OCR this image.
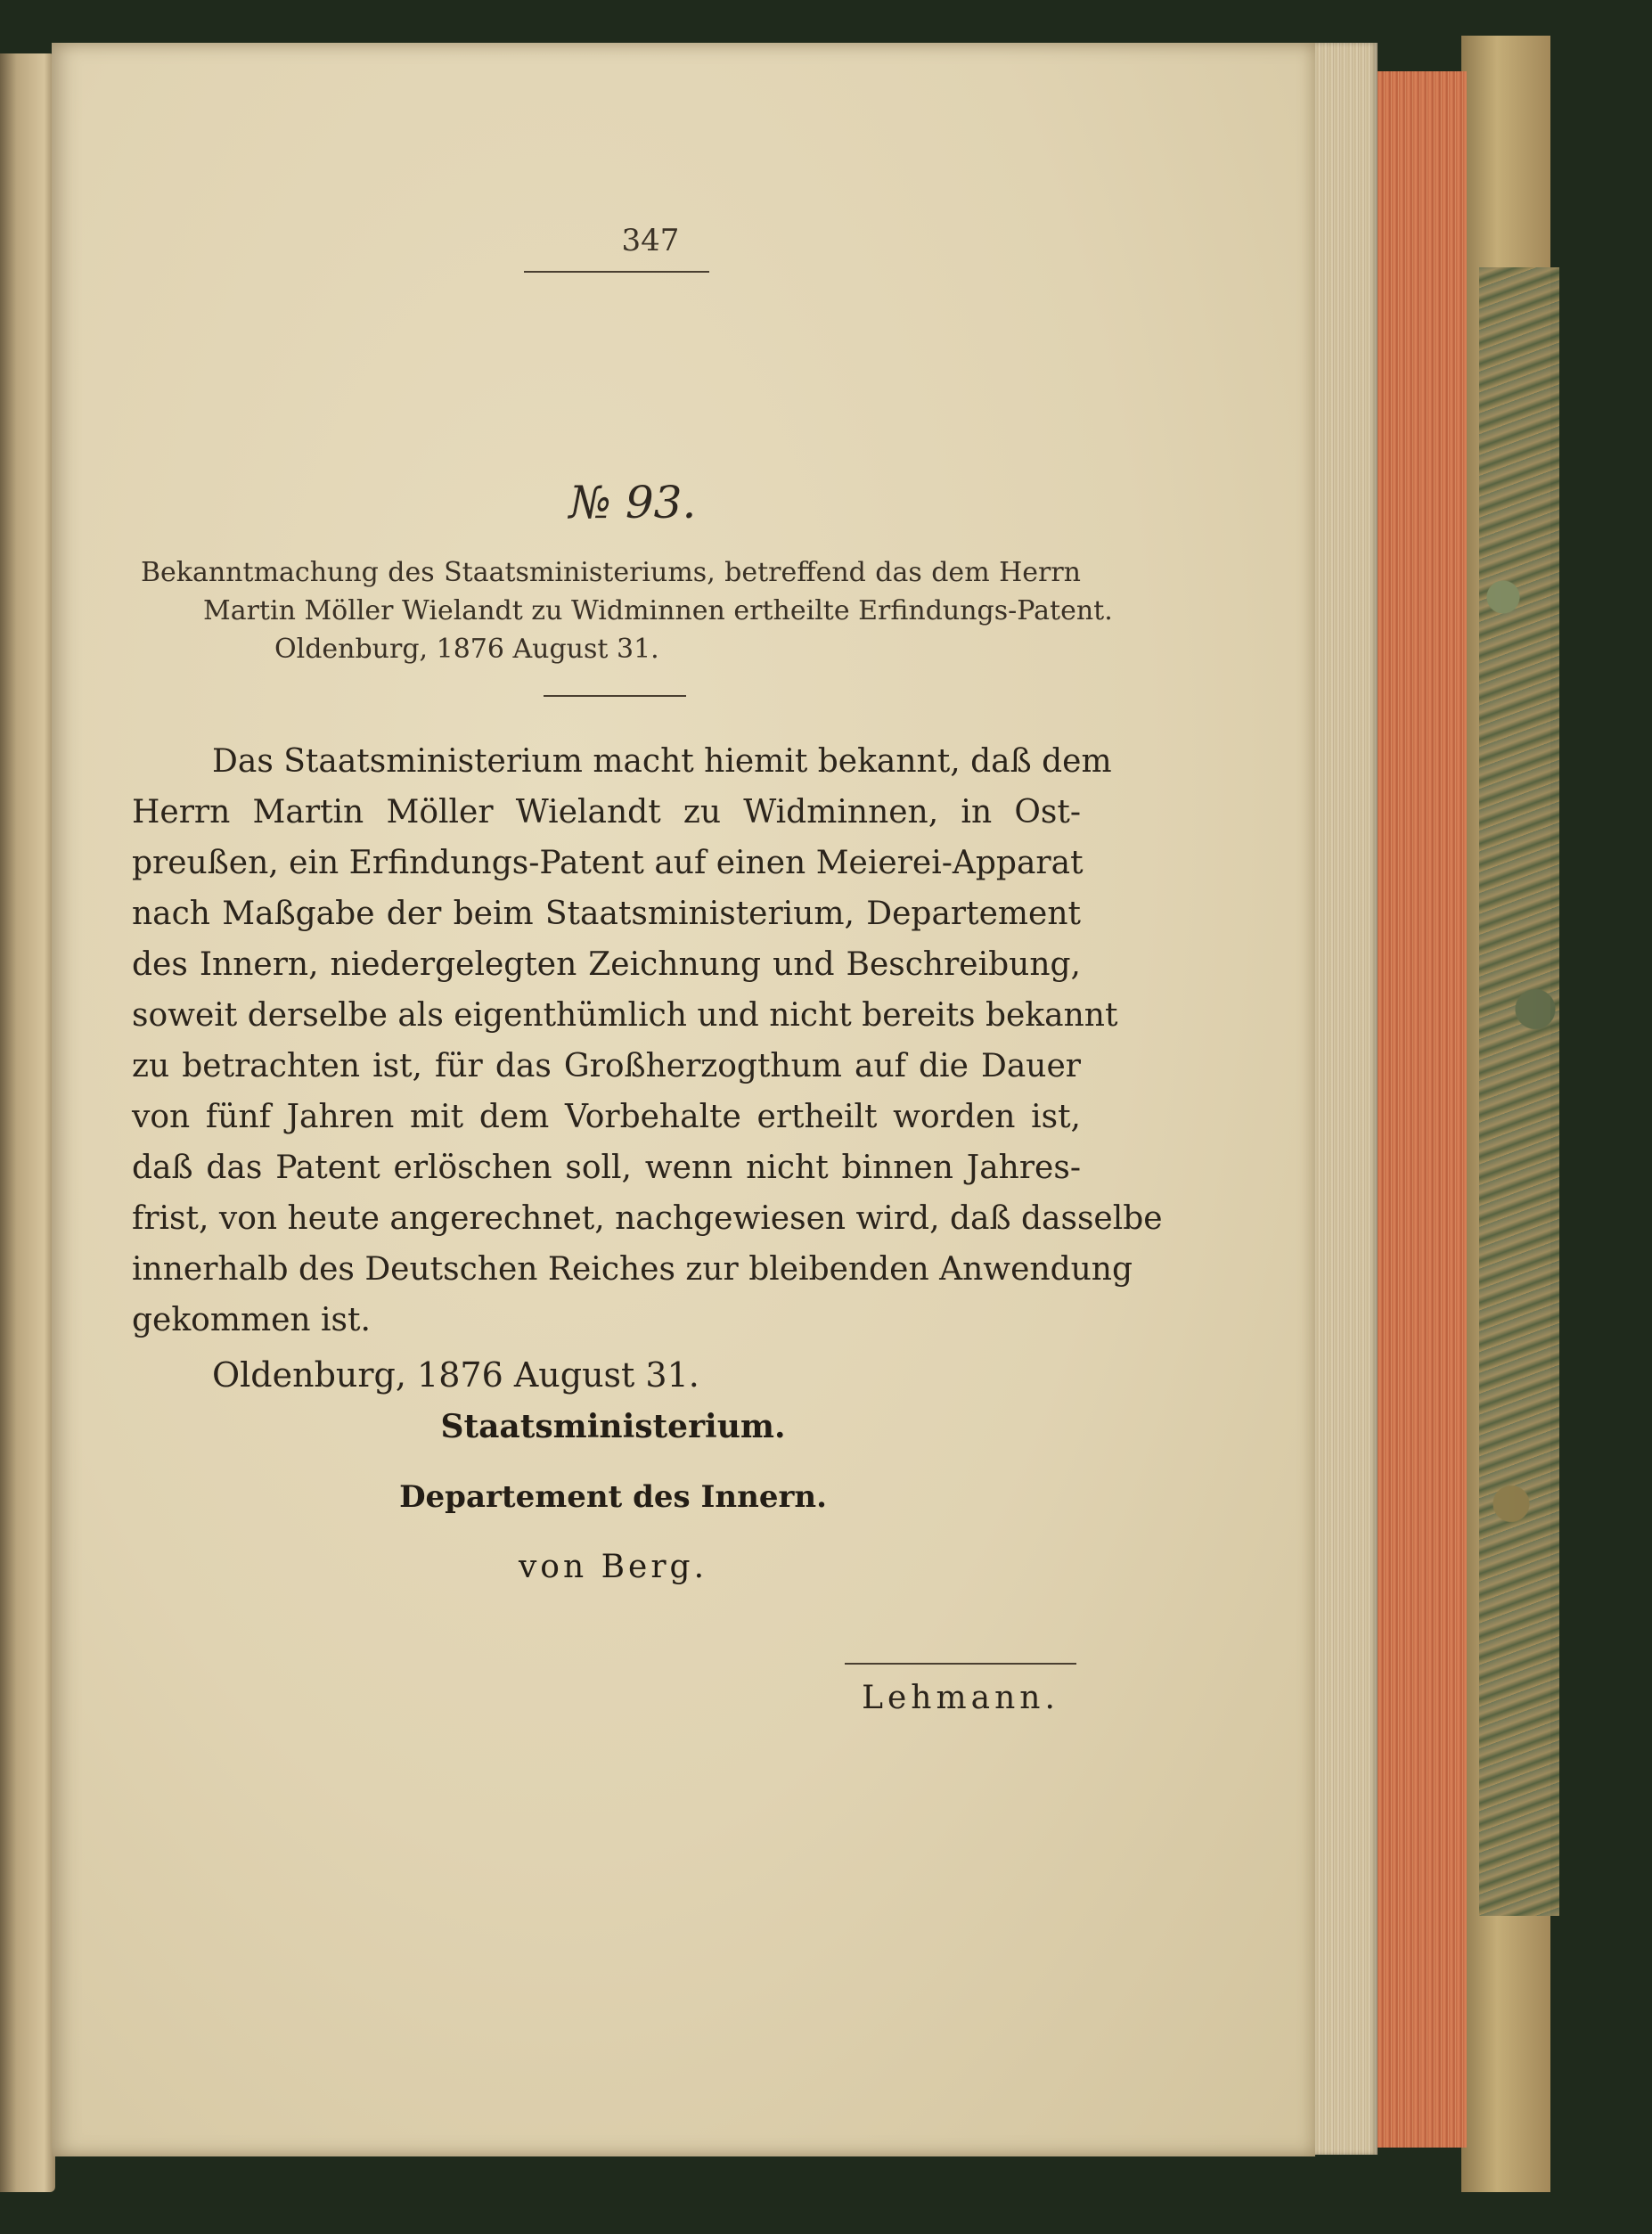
347
№ 93.
Bekanntmachung des Staatsministeriums, betreffend das dem Herrn
Martin Möller Wielandt zu Widminnen ertheilte Erfindungs-Patent.
Oldenburg, 1876 August 31.
Das Staatsministerium macht hiemit bekannt, daß dem
Herrn Martin Möller Wielandt zu Widminnen, in Ost-
preußen, ein Erfindungs-Patent auf einen Meierei-Apparat
nach Maßgabe der beim Staatsministerium, Departement
des Innern, niedergelegten Zeichnung und Beschreibung,
soweit derselbe als eigenthümlich und nicht bereits bekannt
zu betrachten ist, für das Großherzogthum auf die Dauer
von fünf Jahren mit dem Vorbehalte ertheilt worden ist,
daß das Patent erlöschen soll, wenn nicht binnen Jahres-
frist, von heute angerechnet, nachgewiesen wird, daß dasselbe
innerhalb des Deutschen Reiches zur bleibenden Anwendung
gekommen ist.
Oldenburg, 1876 August 31.
Staatsministerium.
Departement des Innern.
von Berg.
Lehmann.
